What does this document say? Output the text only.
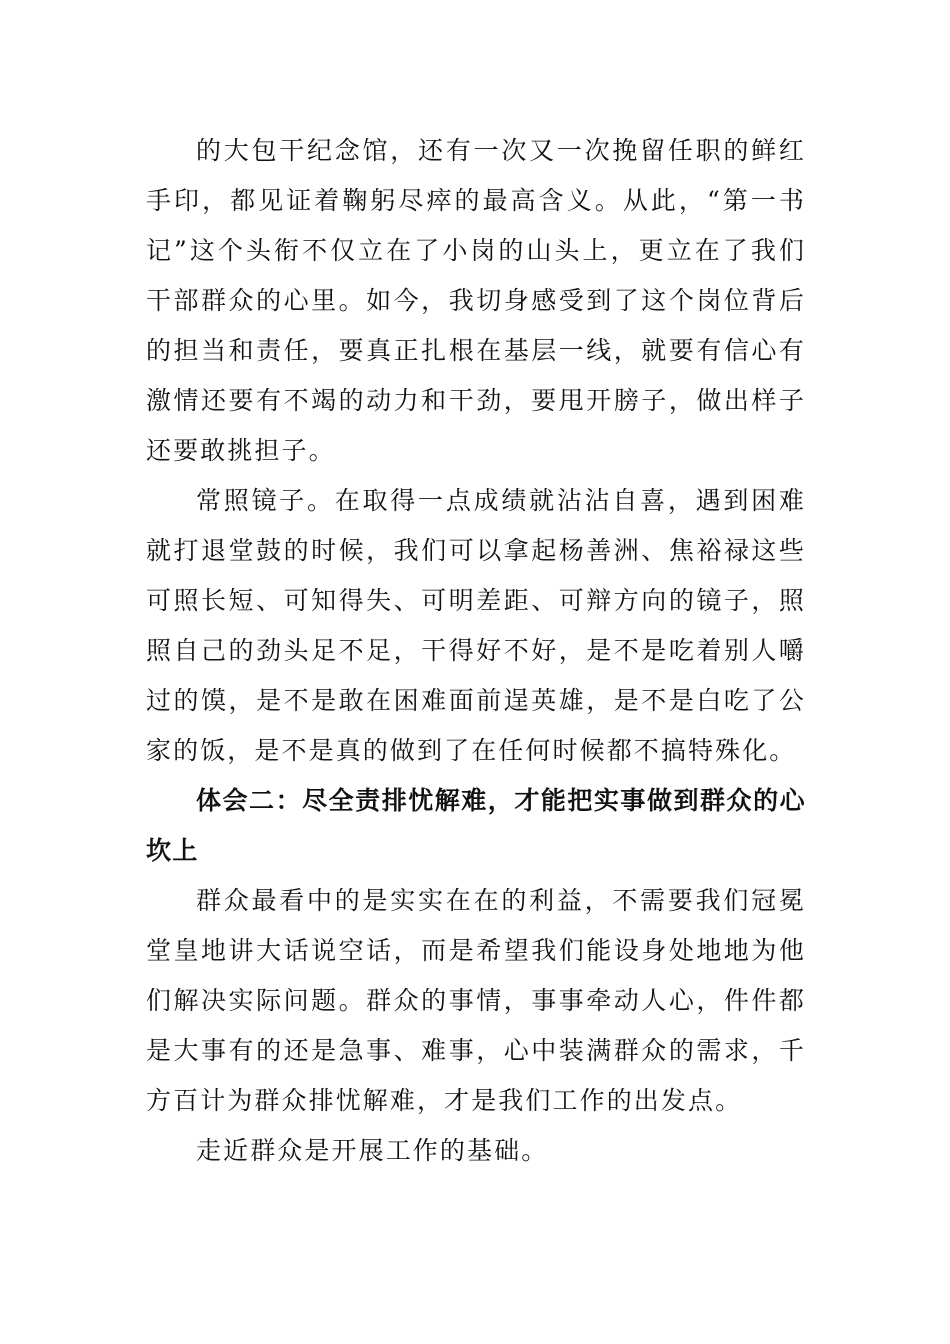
的大包干纪念馆，还有一次又一次挽留任职的鲜红手印，都见证着鞠躬尽瘁的最高含义。从此，“第一书记”这个头衔不仅立在了小岗的山头上，更立在了我们干部群众的心里。如今，我切身感受到了这个岗位背后的担当和责任，要真正扎根在基层一线，就要有信心有激情还要有不竭的动力和干劲，要甩开膀子，做出样子还要敢挑担子。

常照镜子。在取得一点成绩就沾沾自喜，遇到困难就打退堂鼓的时候，我们可以拿起杨善洲、焦裕禄这些可照长短、可知得失、可明差距、可辩方向的镜子，照照自己的劲头足不足，干得好不好，是不是吃着别人嚼过的馍，是不是敢在困难面前逞英雄，是不是白吃了公家的饭，是不是真的做到了在任何时候都不搞特殊化。

体会二：尽全责排忧解难，才能把实事做到群众的心坎上

群众最看中的是实实在在的利益，不需要我们冠冕堂皇地讲大话说空话，而是希望我们能设身处地地为他们解决实际问题。群众的事情，事事牵动人心，件件都是大事有的还是急事、难事，心中装满群众的需求，千方百计为群众排忧解难，才是我们工作的出发点。

走近群众是开展工作的基础。
